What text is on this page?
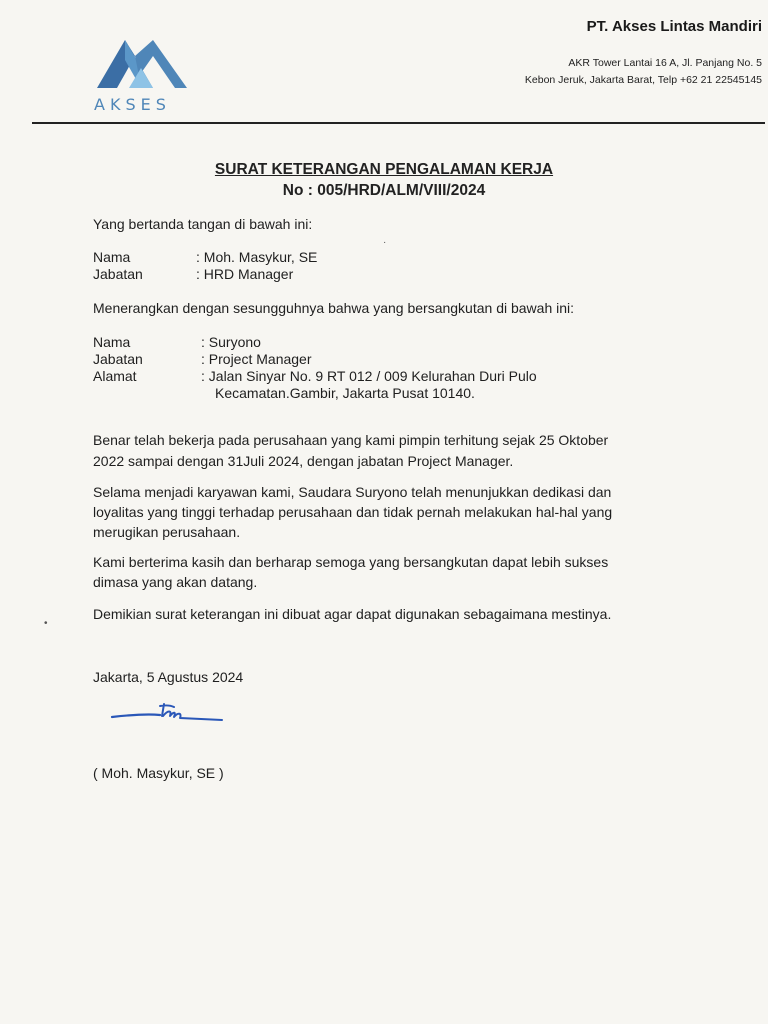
AKSES
PT. Akses Lintas Mandiri
AKR Tower Lantai 16 A, Jl. Panjang No. 5
Kebon Jeruk, Jakarta Barat, Telp +62 21 22545145
SURAT KETERANGAN PENGALAMAN KERJA
No : 005/HRD/ALM/VIII/2024
Yang bertanda tangan di bawah ini:
Nama	: Moh. Masykur, SE
Jabatan	: HRD Manager
Menerangkan dengan sesungguhnya bahwa yang bersangkutan di bawah ini:
Nama	: Suryono
Jabatan	: Project Manager
Alamat	: Jalan Sinyar No. 9 RT 012 / 009 Kelurahan Duri Pulo
Kecamatan.Gambir, Jakarta Pusat 10140.
Benar telah bekerja pada perusahaan yang kami pimpin terhitung sejak 25 Oktober
2022 sampai dengan 31Juli 2024, dengan jabatan Project Manager.
Selama menjadi karyawan kami, Saudara Suryono telah menunjukkan dedikasi dan
loyalitas yang tinggi terhadap perusahaan dan tidak pernah melakukan hal-hal yang
merugikan perusahaan.
Kami berterima kasih dan berharap semoga yang bersangkutan dapat lebih sukses
dimasa yang akan datang.
Demikian surat keterangan ini dibuat agar dapat digunakan sebagaimana mestinya.
Jakarta, 5 Agustus 2024
( Moh. Masykur, SE )
•
·
